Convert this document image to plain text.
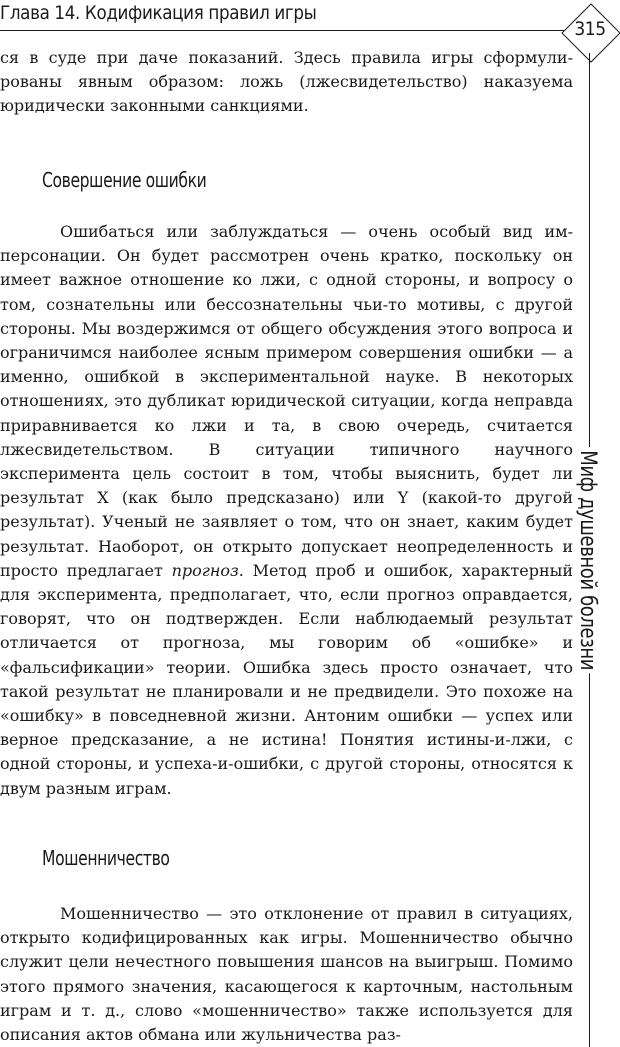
Глава 14. Кодификация правил игры
315
Миф душевной болезни

ся в суде при даче показаний. Здесь правила игры сформулированы явным образом: ложь (лжесвидетельство) наказуема юридически законными санкциями.

Совершение ошибки

Ошибаться или заблуждаться — очень особый вид имперсонации. Он будет рассмотрен очень кратко, поскольку он имеет важное отношение ко лжи, с одной стороны, и вопросу о том, сознательны или бессознательны чьи-то мотивы, с другой стороны. Мы воздержимся от общего обсуждения этого вопроса и ограничимся наиболее ясным примером совершения ошибки — а именно, ошибкой в экспериментальной науке. В некоторых отношениях, это дубликат юридической ситуации, когда неправда приравнивается ко лжи и та, в свою очередь, считается лжесвидетельством. В ситуации типичного научного эксперимента цель состоит в том, чтобы выяснить, будет ли результат X (как было предсказано) или Y (какой-то другой результат). Ученый не заявляет о том, что он знает, каким будет результат. Наоборот, он открыто допускает неопределенность и просто предлагает прогноз. Метод проб и ошибок, характерный для эксперимента, предполагает, что, если прогноз оправдается, говорят, что он подтвержден. Если наблюдаемый результат отличается от прогноза, мы говорим об «ошибке» и «фальсификации» теории. Ошибка здесь просто означает, что такой результат не планировали и не предвидели. Это похоже на «ошибку» в повседневной жизни. Антоним ошибки — успех или верное предсказание, а не истина! Понятия истины-и-лжи, с одной стороны, и успеха-и-ошибки, с другой стороны, относятся к двум разным играм.

Мошенничество

Мошенничество — это отклонение от правил в ситуациях, открыто кодифицированных как игры. Мошенничество обычно служит цели нечестного повышения шансов на выигрыш. Помимо этого прямого значения, касающегося к карточным, настольным играм и т. д., слово «мошенничество» также используется для описания актов обмана или жульничества раз-
